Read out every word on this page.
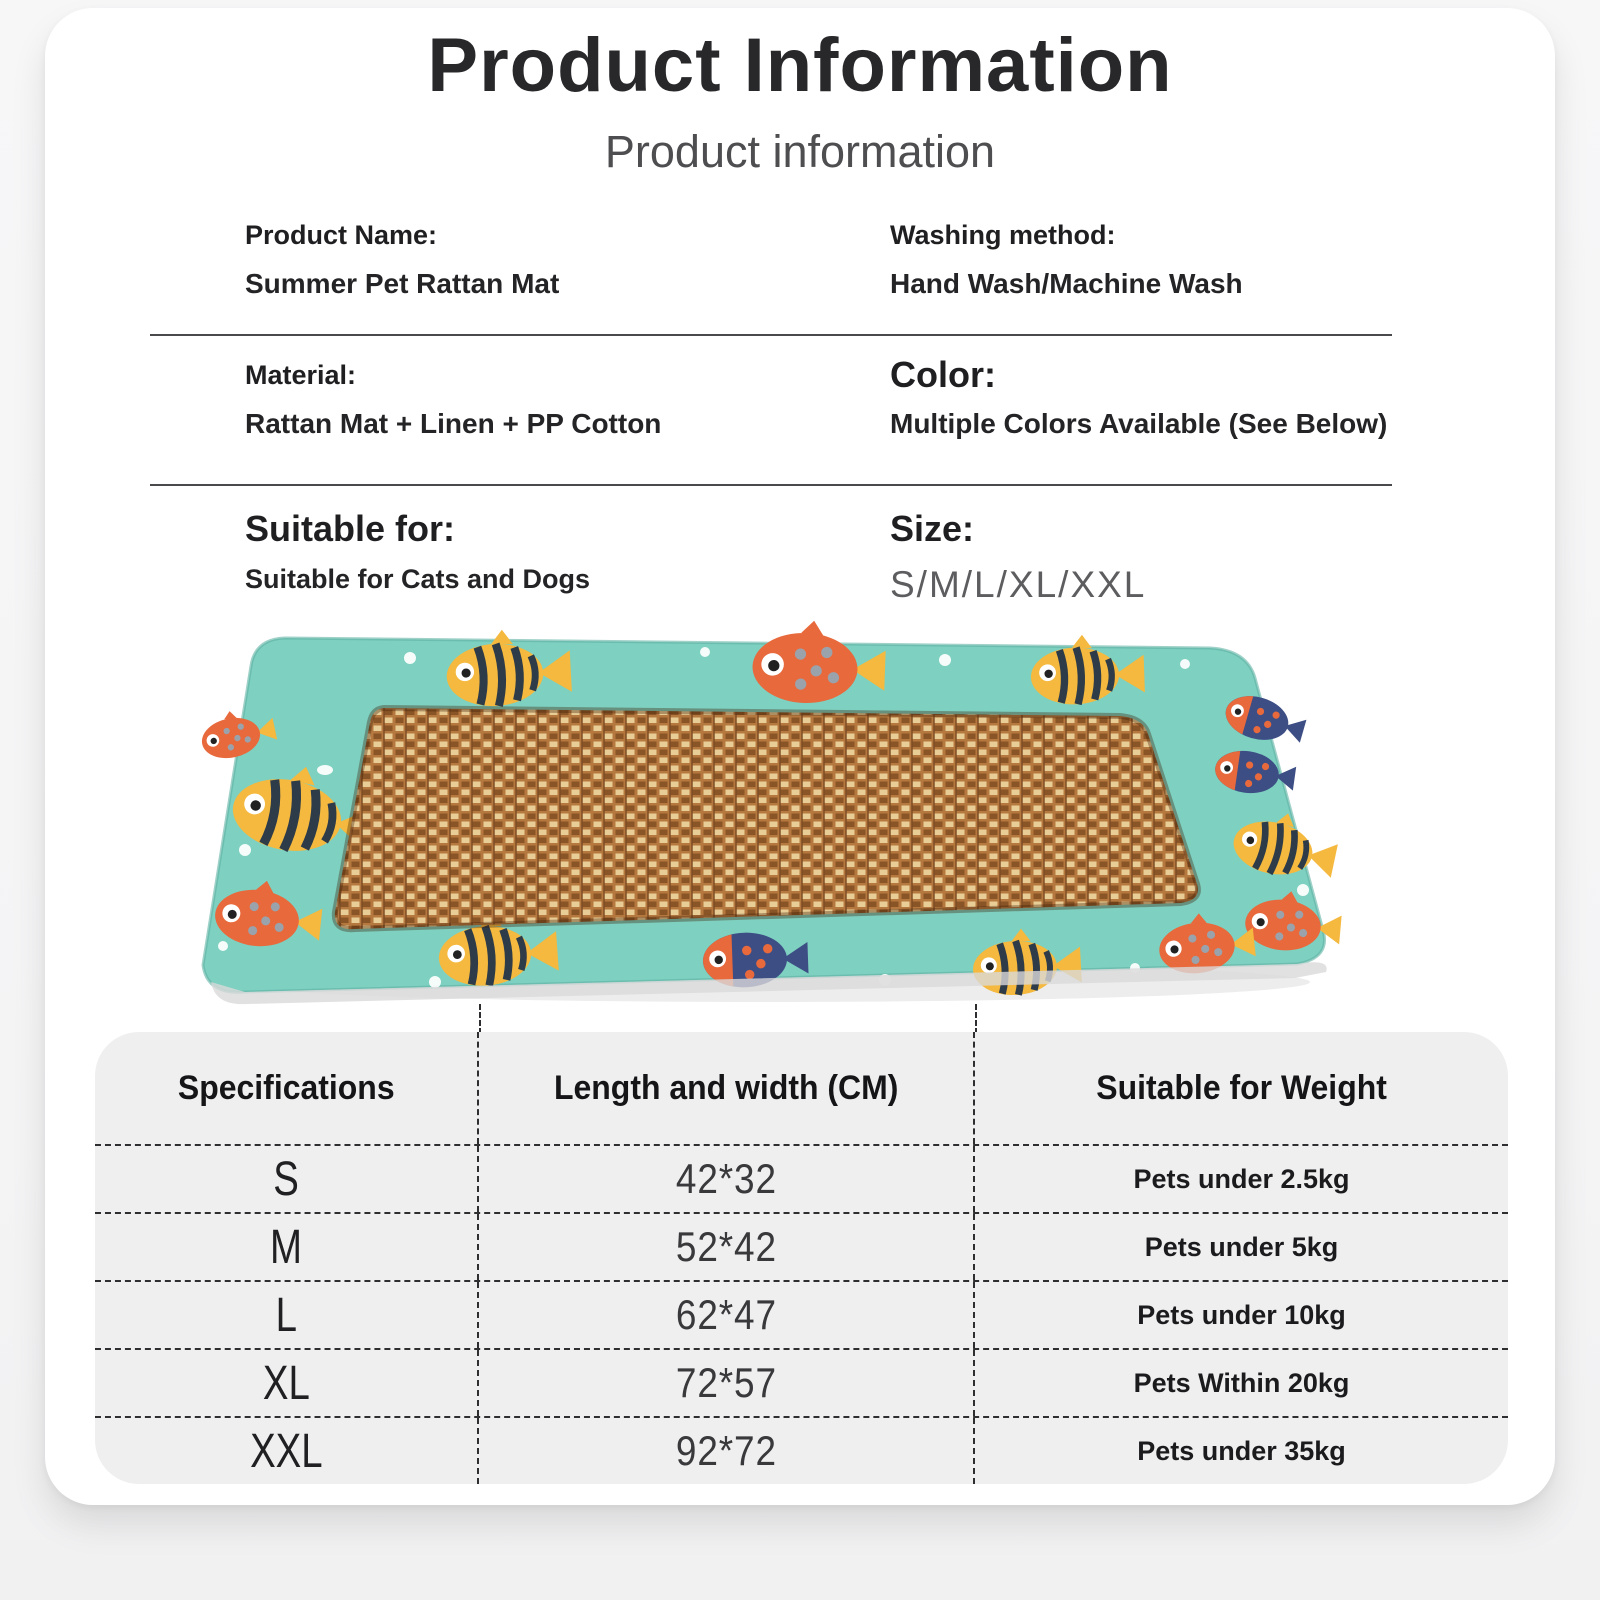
Product Information
Product information
Product Name:
Summer Pet Rattan Mat
Washing method:
Hand Wash/Machine Wash
Material:
Rattan Mat + Linen + PP Cotton
Color:
Multiple Colors Available (See Below)
Suitable for:
Suitable for Cats and Dogs
Size:
S/M/L/XL/XXL
Specifications	Length and width (CM)	Suitable for Weight
S	42*32	Pets under 2.5kg
M	52*42	Pets under 5kg
L	62*47	Pets under 10kg
XL	72*57	Pets Within 20kg
XXL	92*72	Pets under 35kg
